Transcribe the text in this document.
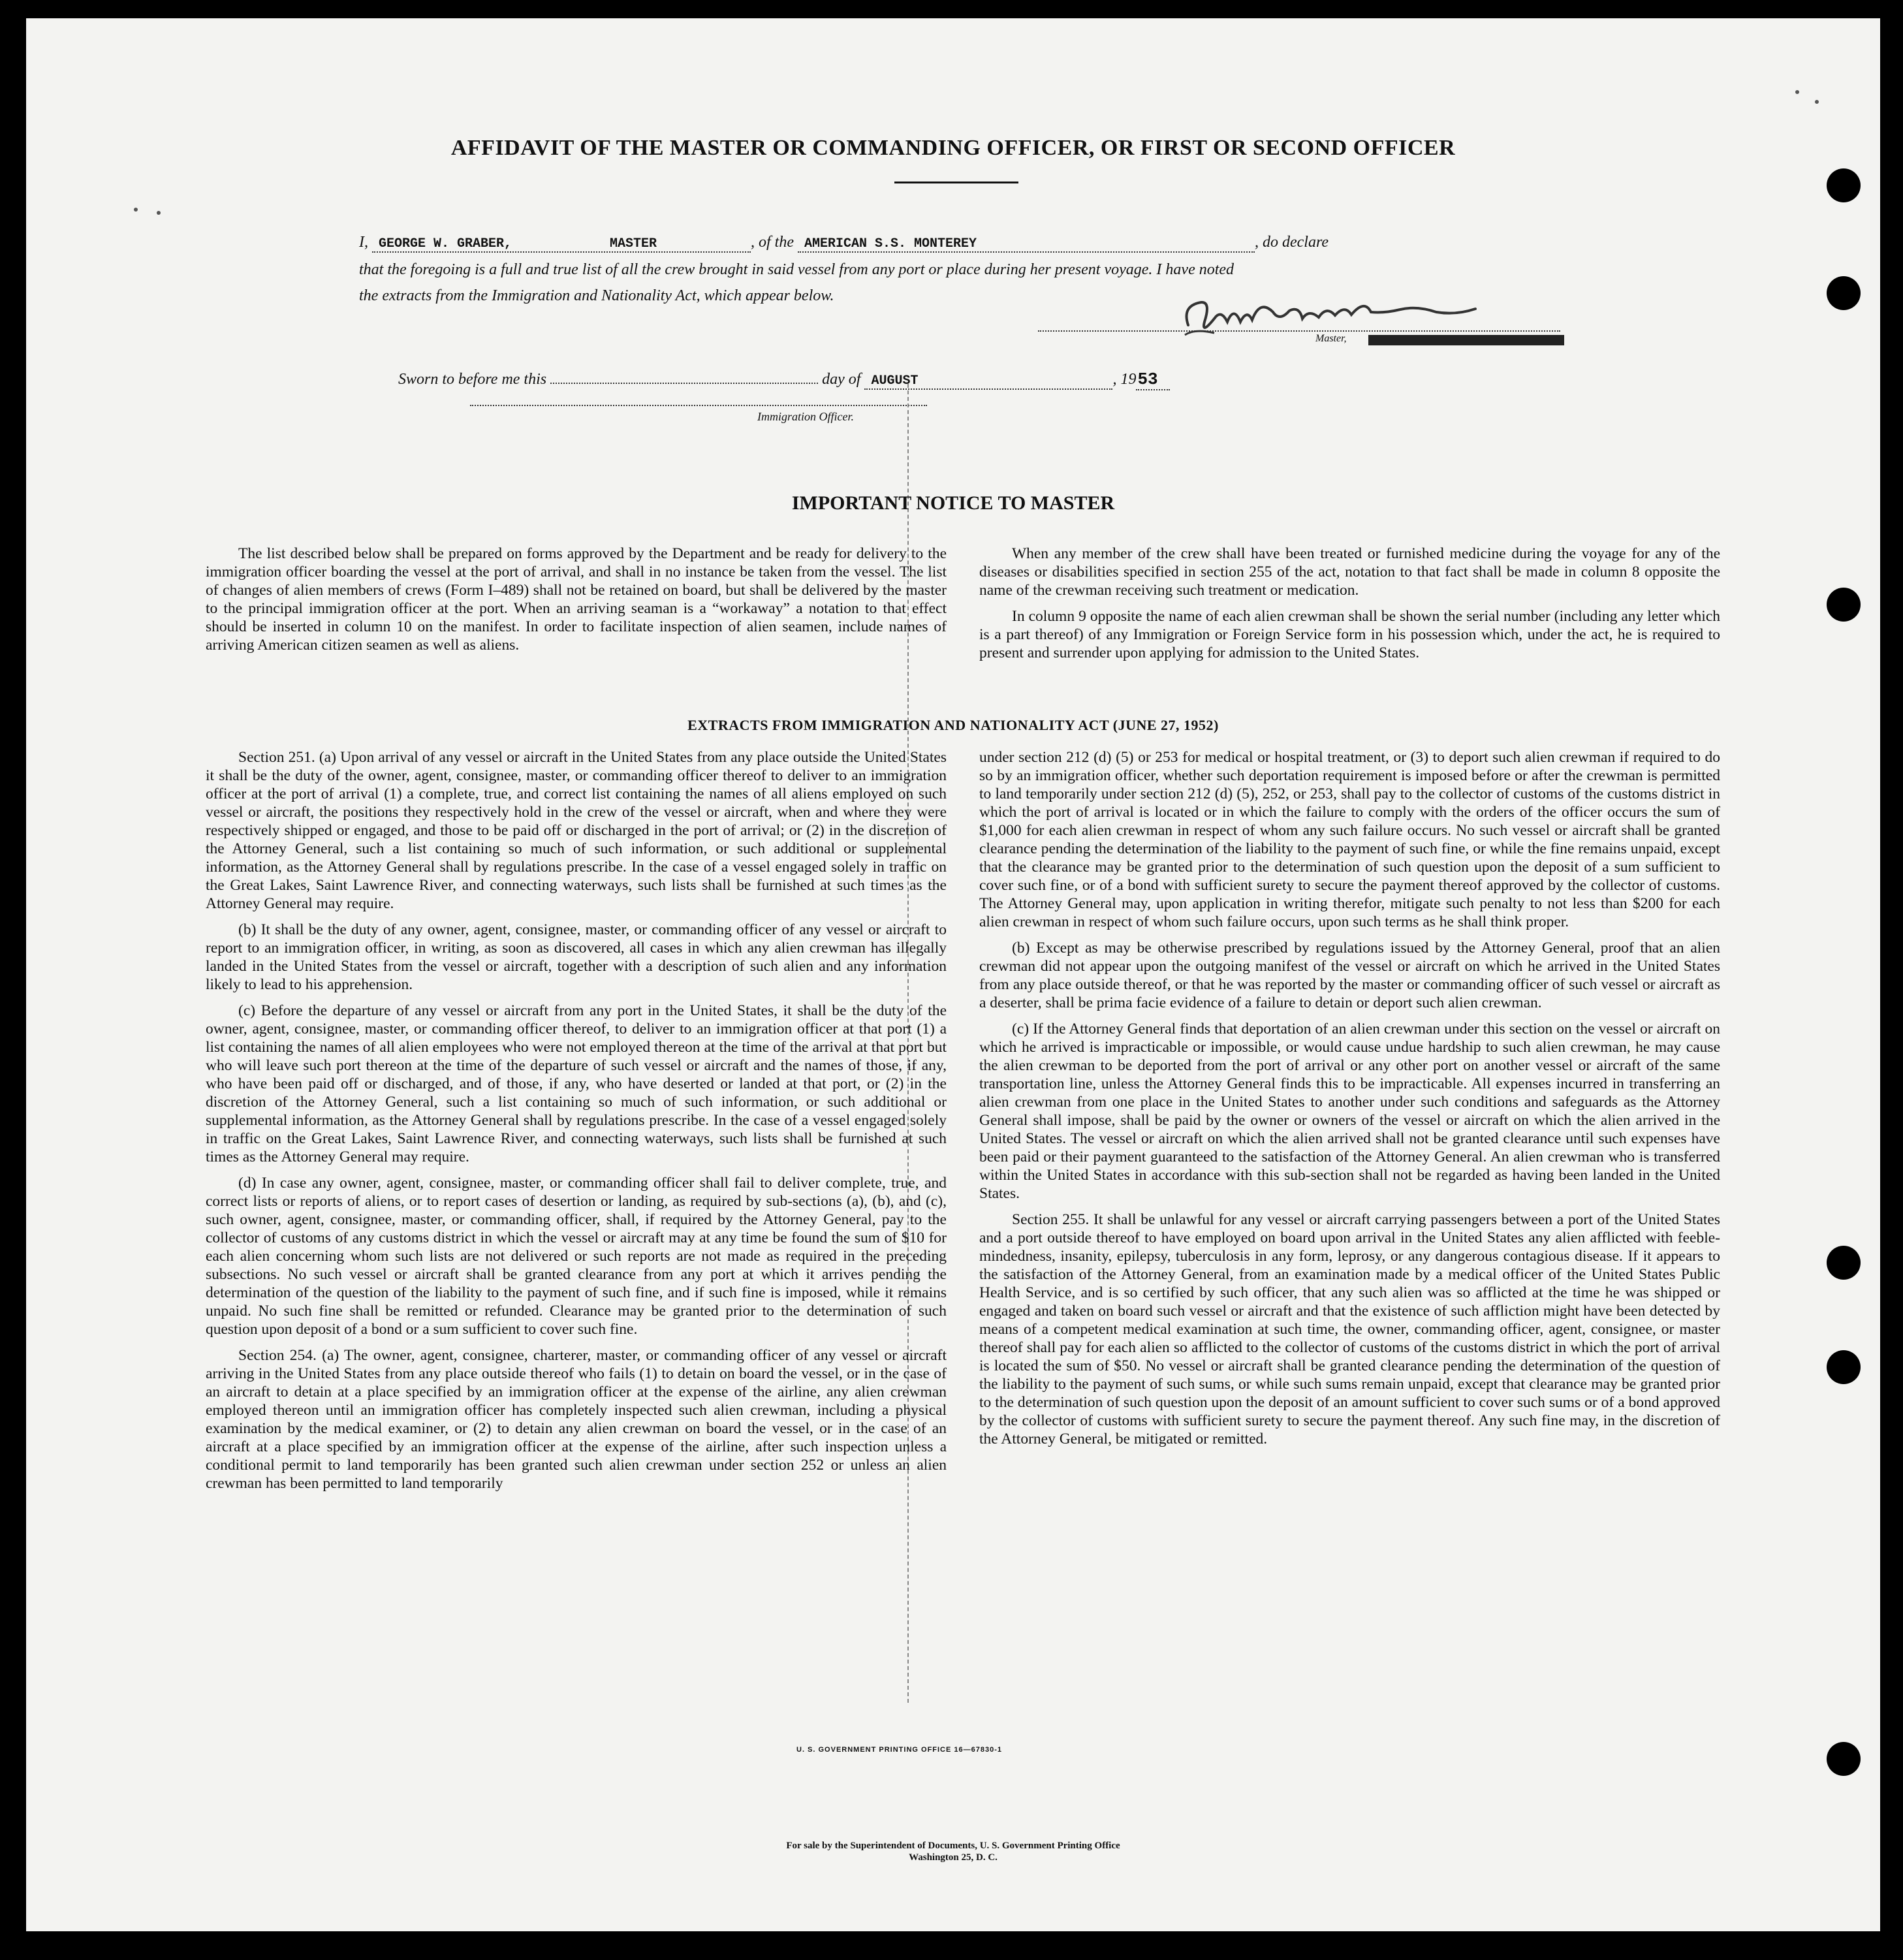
AFFIDAVIT OF THE MASTER OR COMMANDING OFFICER, OR FIRST OR SECOND OFFICER
I, GEORGE W. GRABER,	MASTER	, of the AMERICAN S.S. MONTEREY	, do declare
that the foregoing is a full and true list of all the crew brought in said vessel from any port or place during her present voyage. I have noted
the extracts from the Immigration and Nationality Act, which appear below.
Master,
Sworn to before me this	day of AUGUST	, 1953
Immigration Officer.
IMPORTANT NOTICE TO MASTER

The list described below shall be prepared on forms approved by the Department and be ready for delivery to the immigration officer boarding the vessel at the port of arrival, and shall in no instance be taken from the vessel. The list of changes of alien members of crews (Form I–489) shall not be retained on board, but shall be delivered by the master to the principal immigration officer at the port. When an arriving seaman is a “workaway” a notation to that effect should be inserted in column 10 on the manifest. In order to facilitate inspection of alien seamen, include names of arriving American citizen seamen as well as aliens.

When any member of the crew shall have been treated or furnished medicine during the voyage for any of the diseases or disabilities specified in section 255 of the act, notation to that fact shall be made in column 8 opposite the name of the crewman receiving such treatment or medication.

In column 9 opposite the name of each alien crewman shall be shown the serial number (including any letter which is a part thereof) of any Immigration or Foreign Service form in his possession which, under the act, he is required to present and surrender upon applying for admission to the United States.

EXTRACTS FROM IMMIGRATION AND NATIONALITY ACT (JUNE 27, 1952)

Section 251. (a) Upon arrival of any vessel or aircraft in the United States from any place outside the United States it shall be the duty of the owner, agent, consignee, master, or commanding officer thereof to deliver to an immigration officer at the port of arrival (1) a complete, true, and correct list containing the names of all aliens employed on such vessel or aircraft, the positions they respectively hold in the crew of the vessel or aircraft, when and where they were respectively shipped or engaged, and those to be paid off or discharged in the port of arrival; or (2) in the discretion of the Attorney General, such a list containing so much of such information, or such additional or supplemental information, as the Attorney General shall by regulations prescribe. In the case of a vessel engaged solely in traffic on the Great Lakes, Saint Lawrence River, and connecting waterways, such lists shall be furnished at such times as the Attorney General may require.

(b) It shall be the duty of any owner, agent, consignee, master, or commanding officer of any vessel or aircraft to report to an immigration officer, in writing, as soon as discovered, all cases in which any alien crewman has illegally landed in the United States from the vessel or aircraft, together with a description of such alien and any information likely to lead to his apprehension.

(c) Before the departure of any vessel or aircraft from any port in the United States, it shall be the duty of the owner, agent, consignee, master, or commanding officer thereof, to deliver to an immigration officer at that port (1) a list containing the names of all alien employees who were not employed thereon at the time of the arrival at that port but who will leave such port thereon at the time of the departure of such vessel or aircraft and the names of those, if any, who have been paid off or discharged, and of those, if any, who have deserted or landed at that port, or (2) in the discretion of the Attorney General, such a list containing so much of such information, or such additional or supplemental information, as the Attorney General shall by regulations prescribe. In the case of a vessel engaged solely in traffic on the Great Lakes, Saint Lawrence River, and connecting waterways, such lists shall be furnished at such times as the Attorney General may require.

(d) In case any owner, agent, consignee, master, or commanding officer shall fail to deliver complete, true, and correct lists or reports of aliens, or to report cases of desertion or landing, as required by sub-sections (a), (b), and (c), such owner, agent, consignee, master, or commanding officer, shall, if required by the Attorney General, pay to the collector of customs of any customs district in which the vessel or aircraft may at any time be found the sum of $10 for each alien concerning whom such lists are not delivered or such reports are not made as required in the preceding subsections. No such vessel or aircraft shall be granted clearance from any port at which it arrives pending the determination of the question of the liability to the payment of such fine, and if such fine is imposed, while it remains unpaid. No such fine shall be remitted or refunded. Clearance may be granted prior to the determination of such question upon deposit of a bond or a sum sufficient to cover such fine.

Section 254. (a) The owner, agent, consignee, charterer, master, or commanding officer of any vessel or aircraft arriving in the United States from any place outside thereof who fails (1) to detain on board the vessel, or in the case of an aircraft to detain at a place specified by an immigration officer at the expense of the airline, any alien crewman employed thereon until an immigration officer has completely inspected such alien crewman, including a physical examination by the medical examiner, or (2) to detain any alien crewman on board the vessel, or in the case of an aircraft at a place specified by an immigration officer at the expense of the airline, after such inspection unless a conditional permit to land temporarily has been granted such alien crewman under section 252 or unless an alien crewman has been permitted to land temporarily

under section 212 (d) (5) or 253 for medical or hospital treatment, or (3) to deport such alien crewman if required to do so by an immigration officer, whether such deportation requirement is imposed before or after the crewman is permitted to land temporarily under section 212 (d) (5), 252, or 253, shall pay to the collector of customs of the customs district in which the port of arrival is located or in which the failure to comply with the orders of the officer occurs the sum of $1,000 for each alien crewman in respect of whom any such failure occurs. No such vessel or aircraft shall be granted clearance pending the determination of the liability to the payment of such fine, or while the fine remains unpaid, except that the clearance may be granted prior to the determination of such question upon the deposit of a sum sufficient to cover such fine, or of a bond with sufficient surety to secure the payment thereof approved by the collector of customs. The Attorney General may, upon application in writing therefor, mitigate such penalty to not less than $200 for each alien crewman in respect of whom such failure occurs, upon such terms as he shall think proper.

(b) Except as may be otherwise prescribed by regulations issued by the Attorney General, proof that an alien crewman did not appear upon the outgoing manifest of the vessel or aircraft on which he arrived in the United States from any place outside thereof, or that he was reported by the master or commanding officer of such vessel or aircraft as a deserter, shall be prima facie evidence of a failure to detain or deport such alien crewman.

(c) If the Attorney General finds that deportation of an alien crewman under this section on the vessel or aircraft on which he arrived is impracticable or impossible, or would cause undue hardship to such alien crewman, he may cause the alien crewman to be deported from the port of arrival or any other port on another vessel or aircraft of the same transportation line, unless the Attorney General finds this to be impracticable. All expenses incurred in transferring an alien crewman from one place in the United States to another under such conditions and safeguards as the Attorney General shall impose, shall be paid by the owner or owners of the vessel or aircraft on which the alien arrived in the United States. The vessel or aircraft on which the alien arrived shall not be granted clearance until such expenses have been paid or their payment guaranteed to the satisfaction of the Attorney General. An alien crewman who is transferred within the United States in accordance with this sub-section shall not be regarded as having been landed in the United States.

Section 255. It shall be unlawful for any vessel or aircraft carrying passengers between a port of the United States and a port outside thereof to have employed on board upon arrival in the United States any alien afflicted with feeble-mindedness, insanity, epilepsy, tuberculosis in any form, leprosy, or any dangerous contagious disease. If it appears to the satisfaction of the Attorney General, from an examination made by a medical officer of the United States Public Health Service, and is so certified by such officer, that any such alien was so afflicted at the time he was shipped or engaged and taken on board such vessel or aircraft and that the existence of such affliction might have been detected by means of a competent medical examination at such time, the owner, commanding officer, agent, consignee, or master thereof shall pay for each alien so afflicted to the collector of customs of the customs district in which the port of arrival is located the sum of $50. No vessel or aircraft shall be granted clearance pending the determination of the question of the liability to the payment of such sums, or while such sums remain unpaid, except that clearance may be granted prior to the determination of such question upon the deposit of an amount sufficient to cover such sums or of a bond approved by the collector of customs with sufficient surety to secure the payment thereof. Any such fine may, in the discretion of the Attorney General, be mitigated or remitted.

U. S. GOVERNMENT PRINTING OFFICE 16—67830-1
For sale by the Superintendent of Documents, U. S. Government Printing Office
Washington 25, D. C.
